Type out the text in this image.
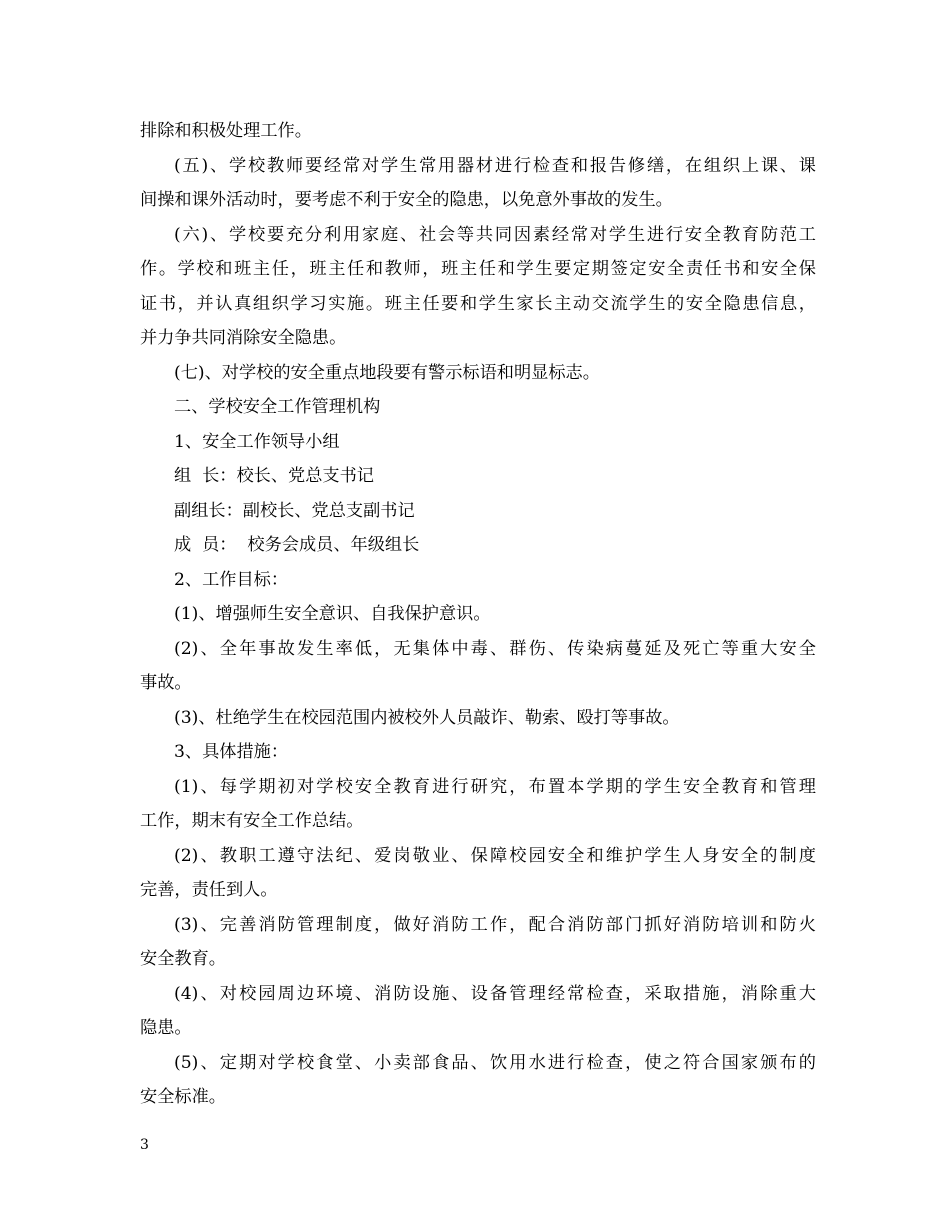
排除和积极处理工作。
(五)、学校教师要经常对学生常用器材进行检查和报告修缮，在组织上课、课
间操和课外活动时，要考虑不利于安全的隐患，以免意外事故的发生。
(六)、学校要充分利用家庭、社会等共同因素经常对学生进行安全教育防范工
作。学校和班主任，班主任和教师，班主任和学生要定期签定安全责任书和安全保
证书，并认真组织学习实施。班主任要和学生家长主动交流学生的安全隐患信息，
并力争共同消除安全隐患。
(七)、对学校的安全重点地段要有警示标语和明显标志。
二、学校安全工作管理机构
1、安全工作领导小组
组  长：校长、党总支书记
副组长：副校长、党总支副书记
成  员：  校务会成员、年级组长
2、工作目标：
(1)、增强师生安全意识、自我保护意识。
(2)、全年事故发生率低，无集体中毒、群伤、传染病蔓延及死亡等重大安全
事故。
(3)、杜绝学生在校园范围内被校外人员敲诈、勒索、殴打等事故。
3、具体措施：
(1)、每学期初对学校安全教育进行研究，布置本学期的学生安全教育和管理
工作，期末有安全工作总结。
(2)、教职工遵守法纪、爱岗敬业、保障校园安全和维护学生人身安全的制度
完善，责任到人。
(3)、完善消防管理制度，做好消防工作，配合消防部门抓好消防培训和防火
安全教育。
(4)、对校园周边环境、消防设施、设备管理经常检查，采取措施，消除重大
隐患。
(5)、定期对学校食堂、小卖部食品、饮用水进行检查，使之符合国家颁布的
安全标准。
3
